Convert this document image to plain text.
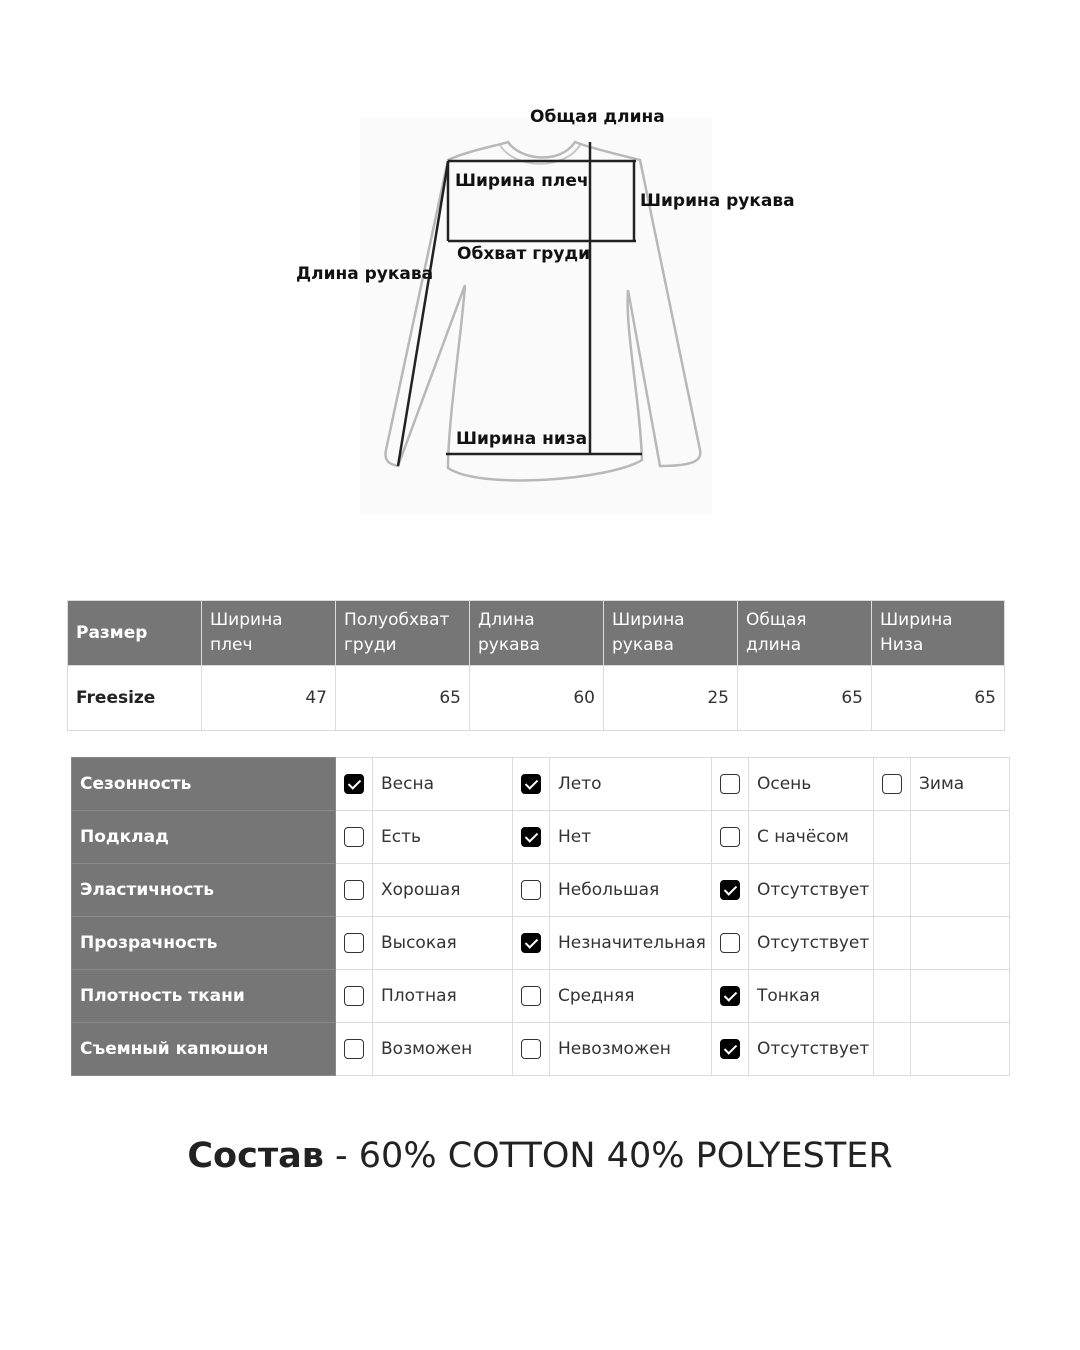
Общая длина
Ширина плеч
Ширина рукава
Обхват груди
Длина рукава
Ширина низа
Размер	Ширина плеч	Полуобхват груди	Длина рукава	Ширина рукава	Общая длина	Ширина Низа
Freesize	47	65	60	25	65	65
Сезонность		Весна		Лето		Осень		Зима
Подклад		Есть		Нет		С начёсом		
Эластичность		Хорошая		Небольшая		Отсутствует		
Прозрачность		Высокая		Незначительная		Отсутствует		
Плотность ткани		Плотная		Средняя		Тонкая		
Съемный капюшон		Возможен		Невозможен		Отсутствует		
Состав - 60% COTTON 40% POLYESTER
